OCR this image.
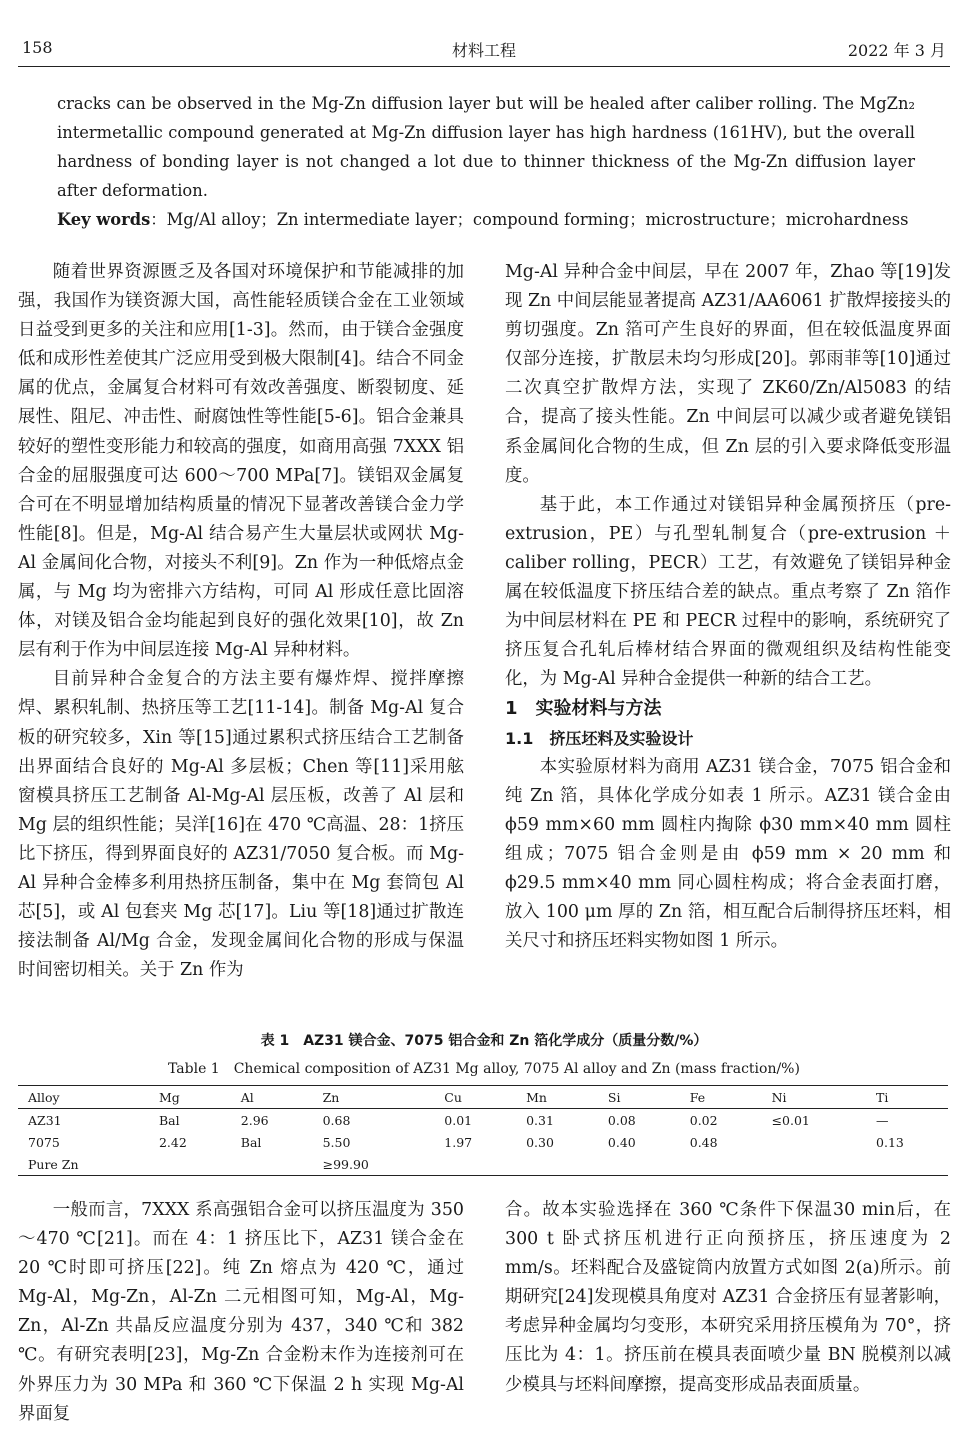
158	材料工程	2022 年 3 月

cracks can be observed in the Mg-Zn diffusion layer but will be healed after caliber rolling. The MgZn₂ intermetallic compound generated at Mg-Zn diffusion layer has high hardness (161HV), but the overall hardness of bonding layer is not changed a lot due to thinner thickness of the Mg-Zn diffusion layer after deformation.

Key words：Mg/Al alloy；Zn intermediate layer；compound forming；microstructure；microhardness

随着世界资源匮乏及各国对环境保护和节能减排的加强，我国作为镁资源大国，高性能轻质镁合金在工业领域日益受到更多的关注和应用[1-3]。然而，由于镁合金强度低和成形性差使其广泛应用受到极大限制[4]。结合不同金属的优点，金属复合材料可有效改善强度、断裂韧度、延展性、阻尼、冲击性、耐腐蚀性等性能[5-6]。铝合金兼具较好的塑性变形能力和较高的强度，如商用高强 7XXX 铝合金的屈服强度可达 600～700 MPa[7]。镁铝双金属复合可在不明显增加结构质量的情况下显著改善镁合金力学性能[8]。但是，Mg-Al 结合易产生大量层状或网状 Mg-Al 金属间化合物，对接头不利[9]。Zn 作为一种低熔点金属，与 Mg 均为密排六方结构，可同 Al 形成任意比固溶体，对镁及铝合金均能起到良好的强化效果[10]，故 Zn 层有利于作为中间层连接 Mg-Al 异种材料。

目前异种合金复合的方法主要有爆炸焊、搅拌摩擦焊、累积轧制、热挤压等工艺[11-14]。制备 Mg-Al 复合板的研究较多，Xin 等[15]通过累积式挤压结合工艺制备出界面结合良好的 Mg-Al 多层板；Chen 等[11]采用舷窗模具挤压工艺制备 Al-Mg-Al 层压板，改善了 Al 层和 Mg 层的组织性能；吴洋[16]在 470 ℃高温、28：1挤压比下挤压，得到界面良好的 AZ31/7050 复合板。而 Mg-Al 异种合金棒多利用热挤压制备，集中在 Mg 套筒包 Al 芯[5]，或 Al 包套夹 Mg 芯[17]。Liu 等[18]通过扩散连接法制备 Al/Mg 合金，发现金属间化合物的形成与保温时间密切相关。关于 Zn 作为

Mg-Al 异种合金中间层，早在 2007 年，Zhao 等[19]发现 Zn 中间层能显著提高 AZ31/AA6061 扩散焊接接头的剪切强度。Zn 箔可产生良好的界面，但在较低温度界面仅部分连接，扩散层未均匀形成[20]。郭雨菲等[10]通过二次真空扩散焊方法，实现了 ZK60/Zn/Al5083 的结合，提高了接头性能。Zn 中间层可以减少或者避免镁铝系金属间化合物的生成，但 Zn 层的引入要求降低变形温度。

基于此，本工作通过对镁铝异种金属预挤压（pre-extrusion，PE）与孔型轧制复合（pre-extrusion ＋ caliber rolling，PECR）工艺，有效避免了镁铝异种金属在较低温度下挤压结合差的缺点。重点考察了 Zn 箔作为中间层材料在 PE 和 PECR 过程中的影响，系统研究了挤压复合孔轧后棒材结合界面的微观组织及结构性能变化，为 Mg-Al 异种合金提供一种新的结合工艺。

1　实验材料与方法

1.1　挤压坯料及实验设计

本实验原材料为商用 AZ31 镁合金，7075 铝合金和纯 Zn 箔，具体化学成分如表 1 所示。AZ31 镁合金由 ϕ59 mm×60 mm 圆柱内掏除 ϕ30 mm×40 mm 圆柱组成；7075 铝合金则是由 ϕ59 mm × 20 mm 和 ϕ29.5 mm×40 mm 同心圆柱构成；将合金表面打磨，放入 100 μm 厚的 Zn 箔，相互配合后制得挤压坯料，相关尺寸和挤压坯料实物如图 1 所示。

表 1　AZ31 镁合金、7075 铝合金和 Zn 箔化学成分（质量分数/%）
Table 1　Chemical composition of AZ31 Mg alloy, 7075 Al alloy and Zn (mass fraction/%)
Alloy	Mg	Al	Zn	Cu	Mn	Si	Fe	Ni	Ti
AZ31	Bal	2.96	0.68	0.01	0.31	0.08	0.02	≤0.01	—
7075	2.42	Bal	5.50	1.97	0.30	0.40	0.48		0.13
Pure Zn			≥99.90						

一般而言，7XXX 系高强铝合金可以挤压温度为 350～470 ℃[21]。而在 4：1 挤压比下，AZ31 镁合金在 20 ℃时即可挤压[22]。纯 Zn 熔点为 420 ℃，通过 Mg-Al，Mg-Zn，Al-Zn 二元相图可知，Mg-Al，Mg-Zn，Al-Zn 共晶反应温度分别为 437，340 ℃和 382 ℃。有研究表明[23]，Mg-Zn 合金粉末作为连接剂可在外界压力为 30 MPa 和 360 ℃下保温 2 h 实现 Mg-Al 界面复

合。故本实验选择在 360 ℃条件下保温30 min后，在 300 t 卧式挤压机进行正向预挤压，挤压速度为 2 mm/s。坯料配合及盛锭筒内放置方式如图 2(a)所示。前期研究[24]发现模具角度对 AZ31 合金挤压有显著影响，考虑异种金属均匀变形，本研究采用挤压模角为 70°，挤压比为 4：1。挤压前在模具表面喷少量 BN 脱模剂以减少模具与坯料间摩擦，提高变形成品表面质量。
